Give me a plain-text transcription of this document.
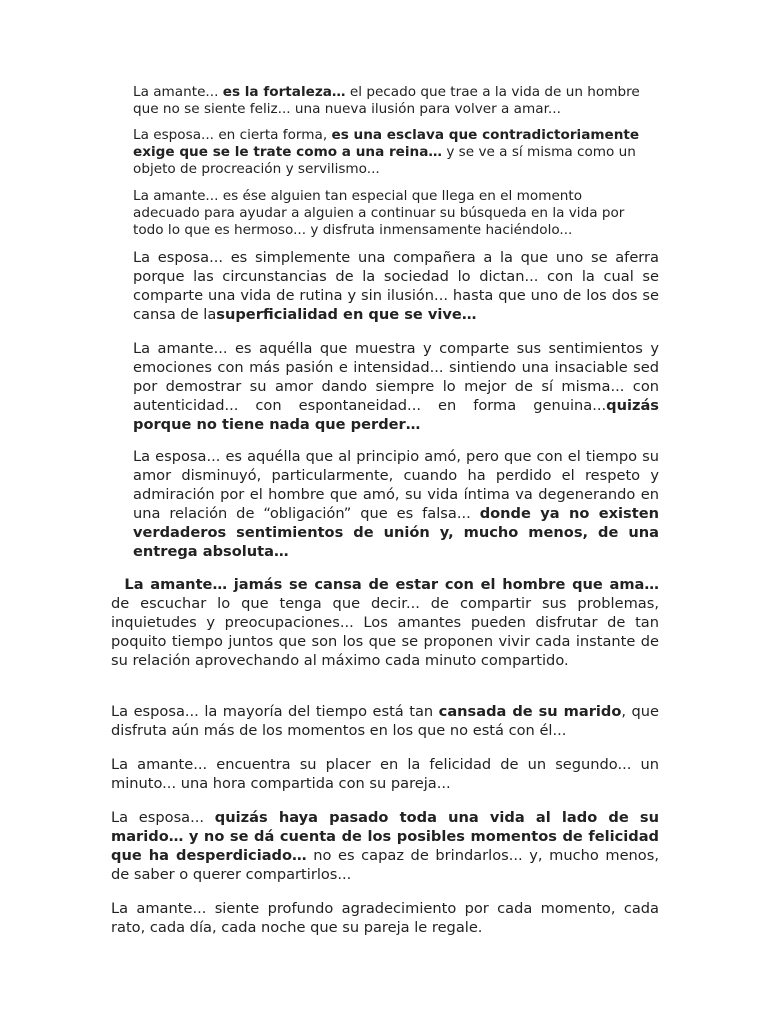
La amante... es la fortaleza… el pecado que trae a la vida de un hombre que no se siente feliz... una nueva ilusión para volver a amar...

La esposa... en cierta forma, es una esclava que contradictoriamente exige que se le trate como a una reina… y se ve a sí misma como un objeto de procreación y servilismo...

La amante... es ése alguien tan especial que llega en el momento adecuado para ayudar a alguien a continuar su búsqueda en la vida por todo lo que es hermoso... y disfruta inmensamente haciéndolo...

La esposa... es simplemente una compañera a la que uno se aferra porque las circunstancias de la sociedad lo dictan... con la cual se comparte una vida de rutina y sin ilusión... hasta que uno de los dos se cansa de lasuperficialidad en que se vive…

La amante... es aquélla que muestra y comparte sus sentimientos y emociones con más pasión e intensidad... sintiendo una insaciable sed por demostrar su amor dando siempre lo mejor de sí misma... con autenticidad... con espontaneidad... en forma genuina...quizás porque no tiene nada que perder…

La esposa... es aquélla que al principio amó, pero que con el tiempo su amor disminuyó, particularmente, cuando ha perdido el respeto y admiración por el hombre que amó, su vida íntima va degenerando en una relación de “obligación” que es falsa... donde ya no existen verdaderos sentimientos de unión y, mucho menos, de una entrega absoluta…

La amante… jamás se cansa de estar con el hombre que ama… de escuchar lo que tenga que decir... de compartir sus problemas, inquietudes y preocupaciones... Los amantes pueden disfrutar de tan poquito tiempo juntos que son los que se proponen vivir cada instante de su relación aprovechando al máximo cada minuto compartido.

La esposa... la mayoría del tiempo está tan cansada de su marido, que disfruta aún más de los momentos en los que no está con él...

La amante... encuentra su placer en la felicidad de un segundo... un minuto... una hora compartida con su pareja...

La esposa... quizás haya pasado toda una vida al lado de su marido… y no se dá cuenta de los posibles momentos de felicidad que ha desperdiciado… no es capaz de brindarlos... y, mucho menos, de saber o querer compartirlos...

La amante... siente profundo agradecimiento por cada momento, cada rato, cada día, cada noche que su pareja le regale.
